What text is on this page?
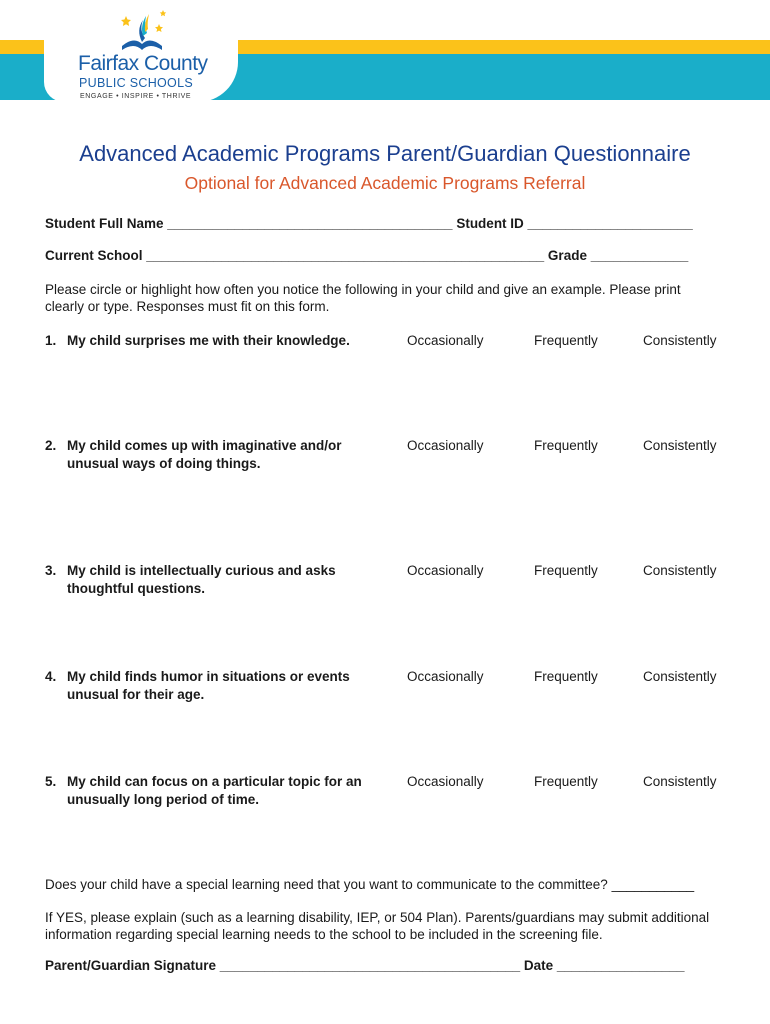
Fairfax County
PUBLIC SCHOOLS
ENGAGE • INSPIRE • THRIVE
Advanced Academic Programs Parent/Guardian Questionnaire
Optional for Advanced Academic Programs Referral
Student Full Name ______________________________________ Student ID ______________________
Current School _____________________________________________________ Grade _____________
Please circle or highlight how often you notice the following in your child and give an example. Please print clearly or type. Responses must fit on this form.
1. My child surprises me with their knowledge.	Occasionally	Frequently	Consistently
2. My child comes up with imaginative and/or unusual ways of doing things.
Occasionally	Frequently	Consistently
3. My child is intellectually curious and asks thoughtful questions.
Occasionally	Frequently	Consistently
4. My child finds humor in situations or events unusual for their age.
Occasionally	Frequently	Consistently
5. My child can focus on a particular topic for an unusually long period of time.
Occasionally	Frequently	Consistently
Does your child have a special learning need that you want to communicate to the committee? ___________
If YES, please explain (such as a learning disability, IEP, or 504 Plan). Parents/guardians may submit additional information regarding special learning needs to the school to be included in the screening file.
Parent/Guardian Signature ________________________________________ Date _________________
